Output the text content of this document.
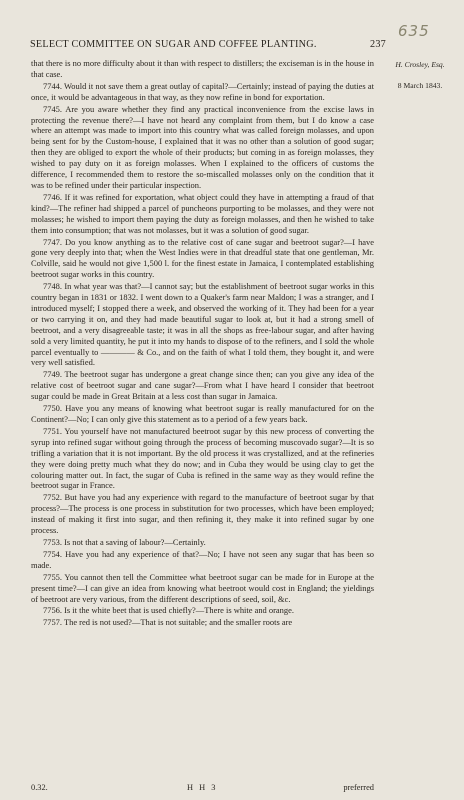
SELECT COMMITTEE ON SUGAR AND COFFEE PLANTING.	237
635
H. Crosley, Esq.
8 March 1843.

that there is no more difficulty about it than with respect to distillers; the exciseman is in the house in that case.

7744. Would it not save them a great outlay of capital?—Certainly; instead of paying the duties at once, it would be advantageous in that way, as they now refine in bond for exportation.

7745. Are you aware whether they find any practical inconvenience from the excise laws in protecting the revenue there?—I have not heard any complaint from them, but I do know a case where an attempt was made to import into this country what was called foreign molasses, and upon being sent for by the Custom-house, I explained that it was no other than a solution of good sugar; then they are obliged to export the whole of their products; but coming in as foreign molasses, they wished to pay duty on it as foreign molasses. When I explained to the officers of customs the difference, I recommended them to restore the so-miscalled molasses only on the condition that it was to be refined under their particular inspection.

7746. If it was refined for exportation, what object could they have in attempting a fraud of that kind?—The refiner had shipped a parcel of puncheons purporting to be molasses, and they were not molasses; he wished to import them paying the duty as foreign molasses, and then he wished to take them into consumption; that was not molasses, but it was a solution of good sugar.

7747. Do you know anything as to the relative cost of cane sugar and beetroot sugar?—I have gone very deeply into that; when the West Indies were in that dreadful state that one gentleman, Mr. Colville, said he would not give 1,500 l. for the finest estate in Jamaica, I contemplated establishing beetroot sugar works in this country.

7748. In what year was that?—I cannot say; but the establishment of beetroot sugar works in this country began in 1831 or 1832. I went down to a Quaker's farm near Maldon; I was a stranger, and I introduced myself; I stopped there a week, and observed the working of it. They had been for a year or two carrying it on, and they had made beautiful sugar to look at, but it had a strong smell of beetroot, and a very disagreeable taste; it was in all the shops as free-labour sugar, and after having sold a very limited quantity, he put it into my hands to dispose of to the refiners, and I sold the whole parcel eventually to ———— & Co., and on the faith of what I told them, they bought it, and were very well satisfied.

7749. The beetroot sugar has undergone a great change since then; can you give any idea of the relative cost of beetroot sugar and cane sugar?—From what I have heard I consider that beetroot sugar could be made in Great Britain at a less cost than sugar in Jamaica.

7750. Have you any means of knowing what beetroot sugar is really manufactured for on the Continent?—No; I can only give this statement as to a period of a few years back.

7751. You yourself have not manufactured beetroot sugar by this new process of converting the syrup into refined sugar without going through the process of becoming muscovado sugar?—It is so trifling a variation that it is not important. By the old process it was crystallized, and at the refineries they were doing pretty much what they do now; and in Cuba they would be using clay to get the colouring matter out. In fact, the sugar of Cuba is refined in the same way as they would refine the beetroot sugar in France.

7752. But have you had any experience with regard to the manufacture of beetroot sugar by that process?—The process is one process in substitution for two processes, which have been employed; instead of making it first into sugar, and then refining it, they make it into refined sugar by one process.

7753. Is not that a saving of labour?—Certainly.

7754. Have you had any experience of that?—No; I have not seen any sugar that has been so made.

7755. You cannot then tell the Committee what beetroot sugar can be made for in Europe at the present time?—I can give an idea from knowing what beetroot would cost in England; the yieldings of beetroot are very various, from the different descriptions of seed, soil, &c.

7756. Is it the white beet that is used chiefly?—There is white and orange.

7757. The red is not used?—That is not suitable; and the smaller roots are

0.32.	H H 3	preferred
